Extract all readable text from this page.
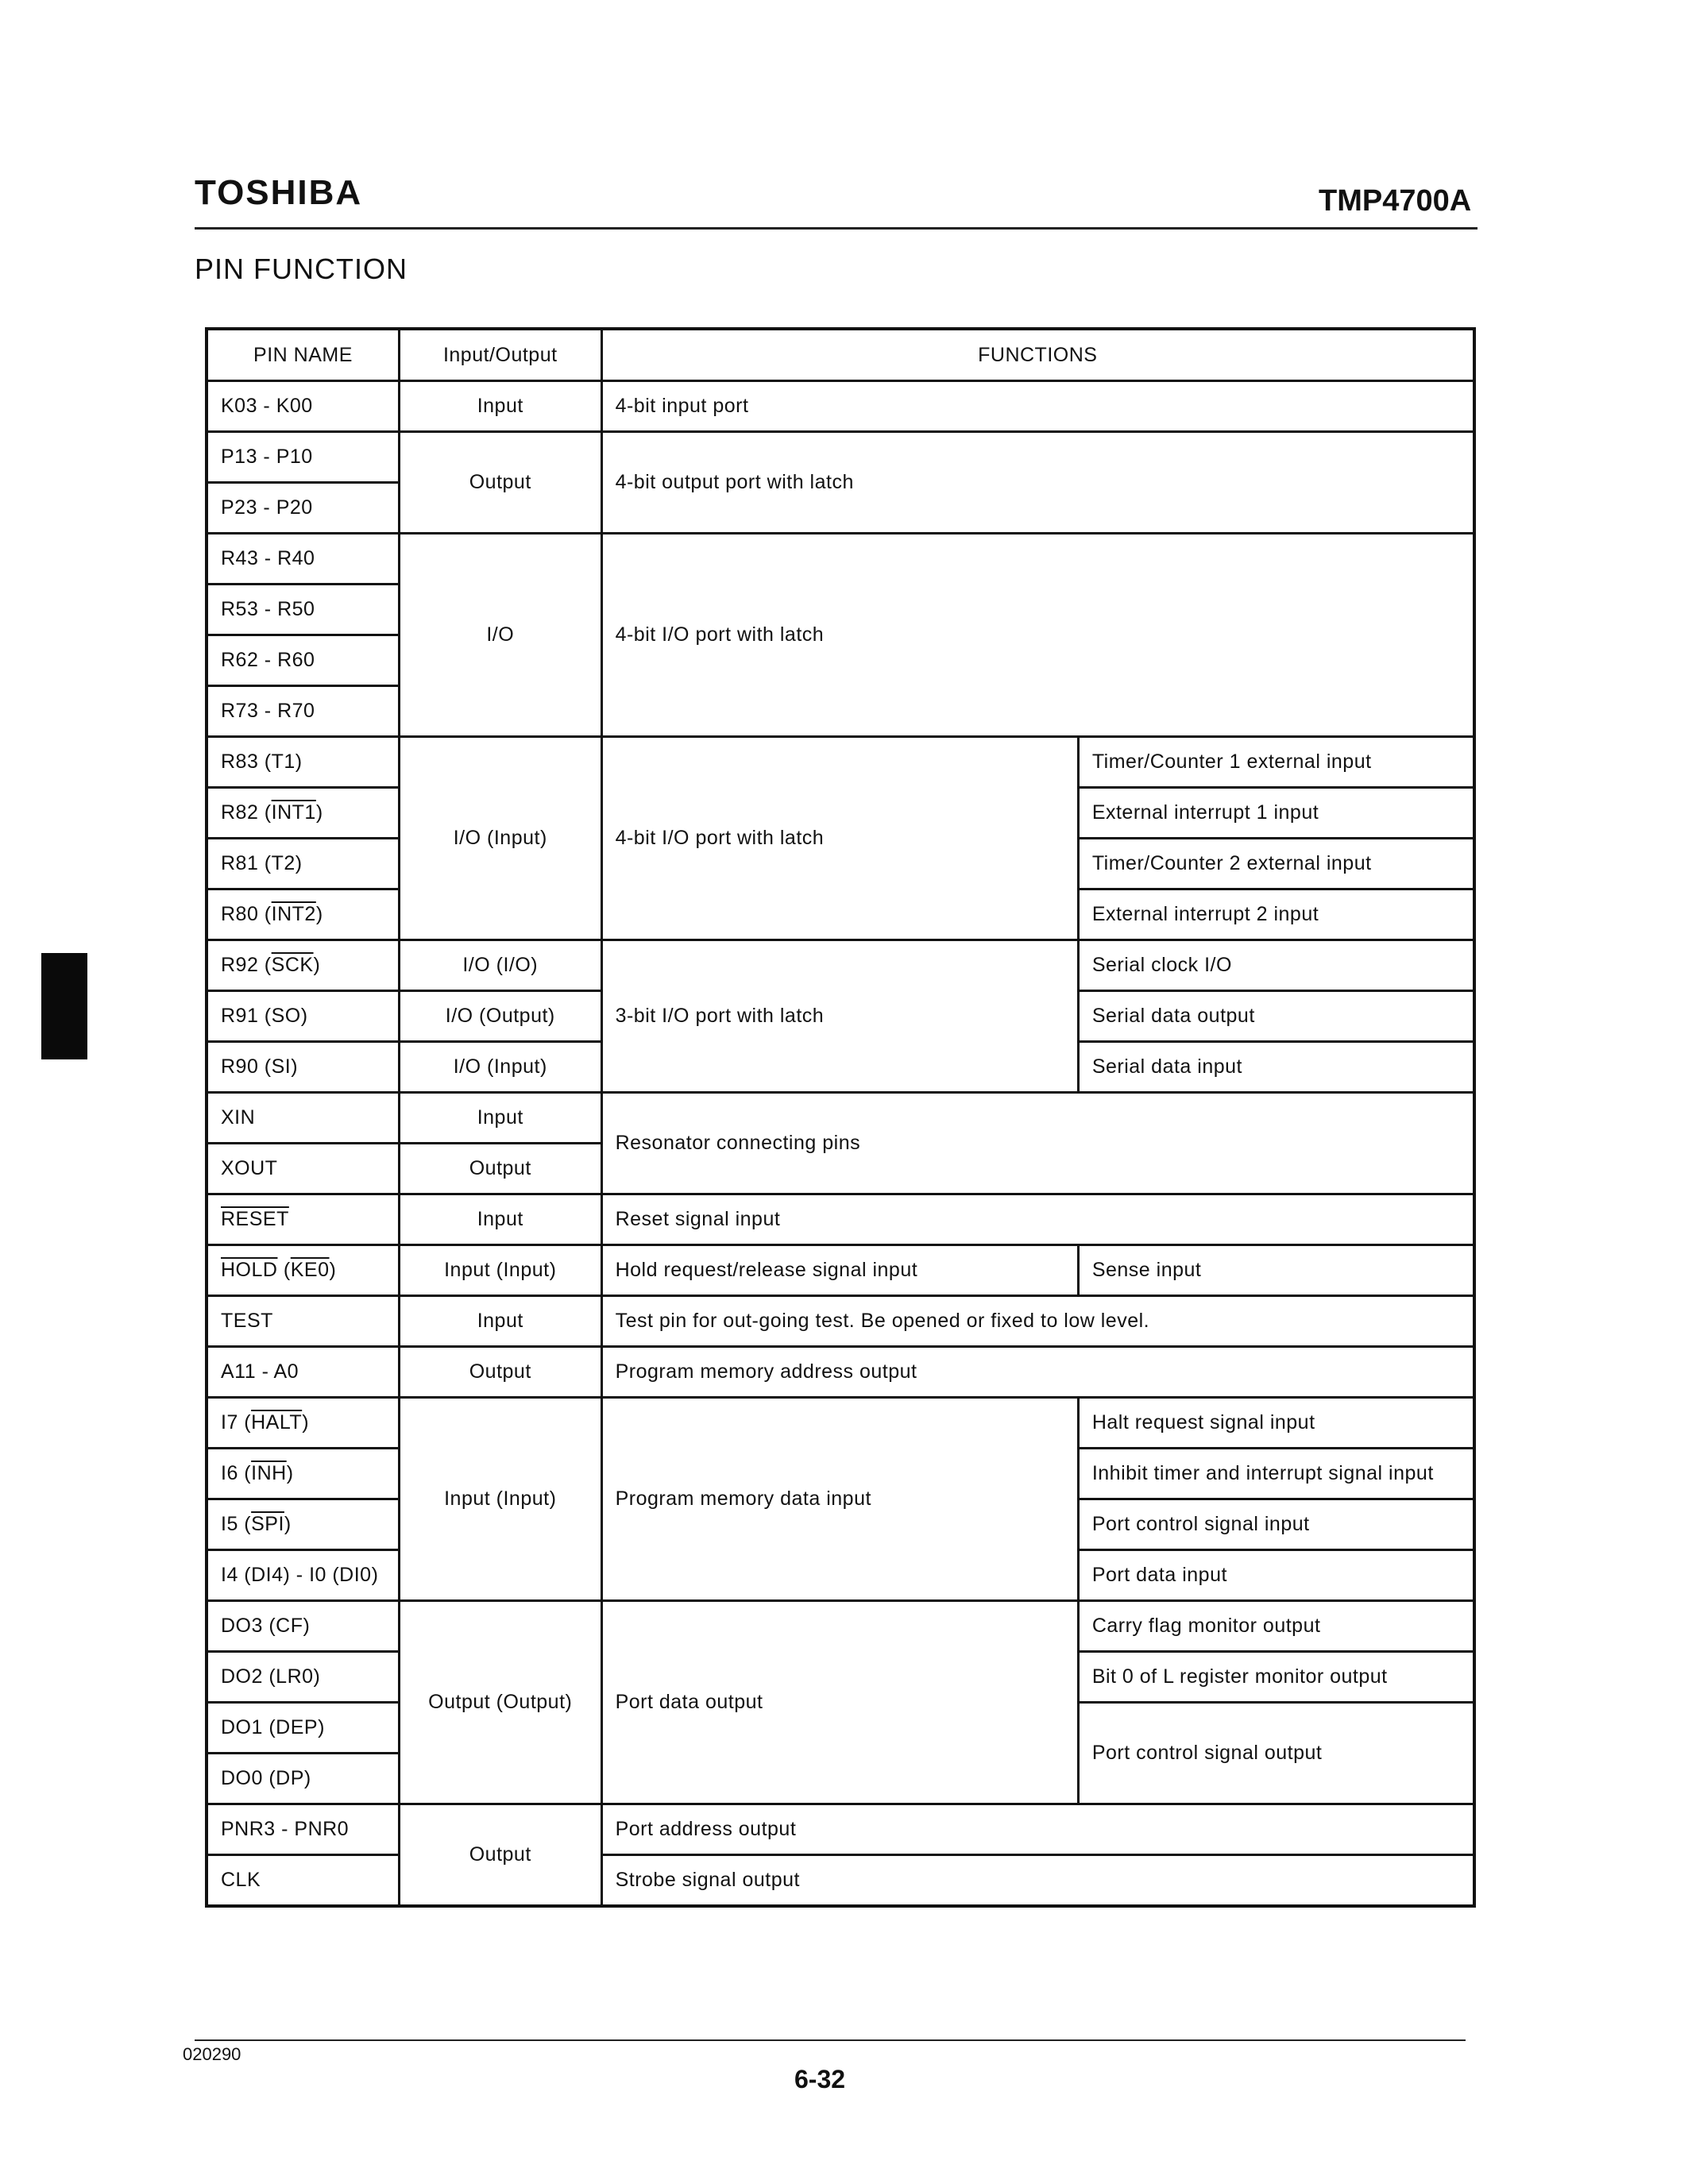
TOSHIBA	TMP4700A
PIN FUNCTION
PIN NAME	Input/Output	FUNCTIONS	
K03 - K00	Input	4-bit input port	
P13 - P10	Output	4-bit output port with latch	
P23 - P20			
R43 - R40	I/O	4-bit I/O port with latch	
R53 - R50			
R62 - R60			
R73 - R70			
R83 (T1)	I/O (Input)	4-bit I/O port with latch	Timer/Counter 1 external input
R82 (INT1)			External interrupt 1 input
R81 (T2)			Timer/Counter 2 external input
R80 (INT2)			External interrupt 2 input
R92 $(\overline{SCK})$	I/O (I/O)	3-bit I/O port with latch	Serial clock I/O
R91 (SO)	I/O (Output)		Serial data output
R90 (SI)	I/O (Input)		Serial data input
XIN	Input	Resonator connecting pins	
XOUT	Output		
RESET	Input	Reset signal input	
HOLD (KE0)	Input (Input)	Hold request/release signal input	Sense input
TEST	Input	Test pin for out-going test. Be opened or fixed to low level.	
A11 - A0	Output	Program memory address output	
I7 (HALT)	Input (Input)	Program memory data input	Halt request signal input
I6 $(\overline{INH})$			Inhibit timer and interrupt signal input
I5 $(\overline{SPI})$			Port control signal input
I4 (DI4) - I0 (DI0)			Port data input
DO3 (CF)	Output (Output)	Port data output	Carry flag monitor output
DO2 (LR0)			Bit 0 of L register monitor output
DO1 (DEP)			Port control signal output
DO0 (DP)			
PNR3 - PNR0	Output	Port address output	
CLK		Strobe signal output	
020290
6-32
